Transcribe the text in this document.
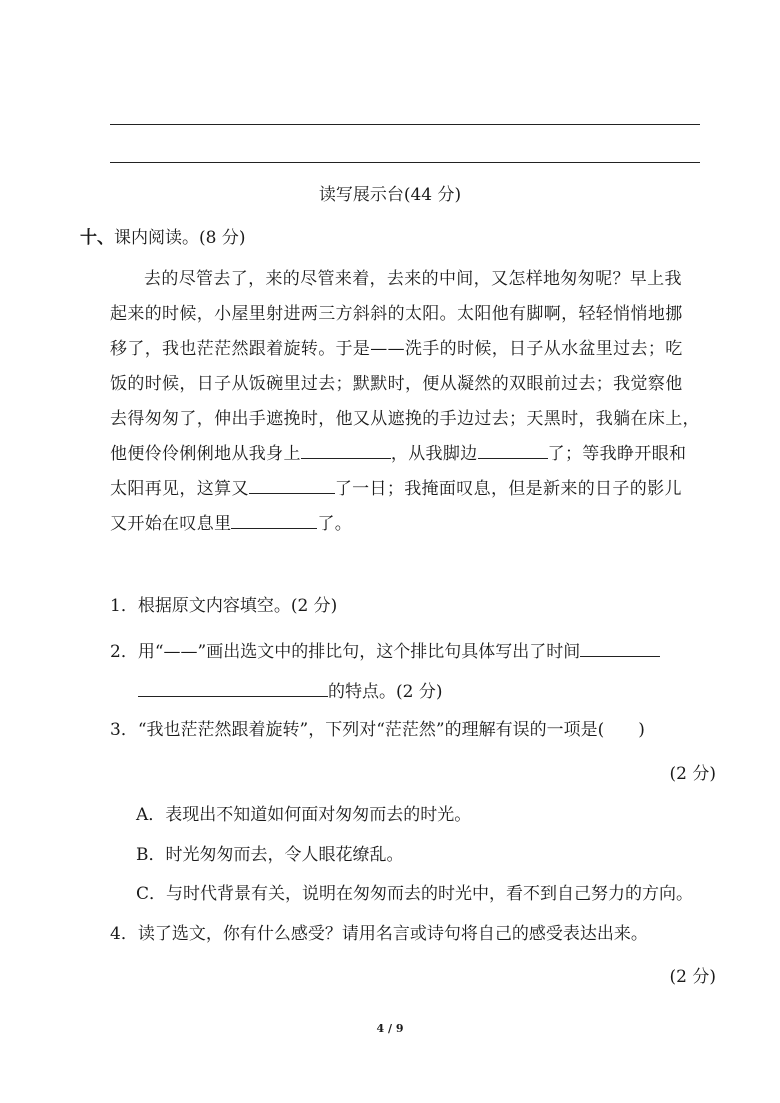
读写展示台(44 分)
十、课内阅读。(8 分)
去的尽管去了，来的尽管来着，去来的中间，又怎样地匆匆呢？早上我
起来的时候，小屋里射进两三方斜斜的太阳。太阳他有脚啊，轻轻悄悄地挪
移了，我也茫茫然跟着旋转。于是——洗手的时候，日子从水盆里过去；吃
饭的时候，日子从饭碗里过去；默默时，便从凝然的双眼前过去；我觉察他
去得匆匆了，伸出手遮挽时，他又从遮挽的手边过去；天黑时，我躺在床上，
他便伶伶俐俐地从我身上	，从我脚边	了；等我睁开眼和
太阳再见，这算又	了一日；我掩面叹息，但是新来的日子的影儿
又开始在叹息里	了。
1．根据原文内容填空。(2 分)
2．用“——”画出选文中的排比句，这个排比句具体写出了时间
的特点。(2 分)
3．“我也茫茫然跟着旋转”，下列对“茫茫然”的理解有误的一项是(　　)
(2 分)
A．表现出不知道如何面对匆匆而去的时光。
B．时光匆匆而去，令人眼花缭乱。
C．与时代背景有关，说明在匆匆而去的时光中，看不到自己努力的方向。
4．读了选文，你有什么感受？请用名言或诗句将自己的感受表达出来。
(2 分)
4 / 9
